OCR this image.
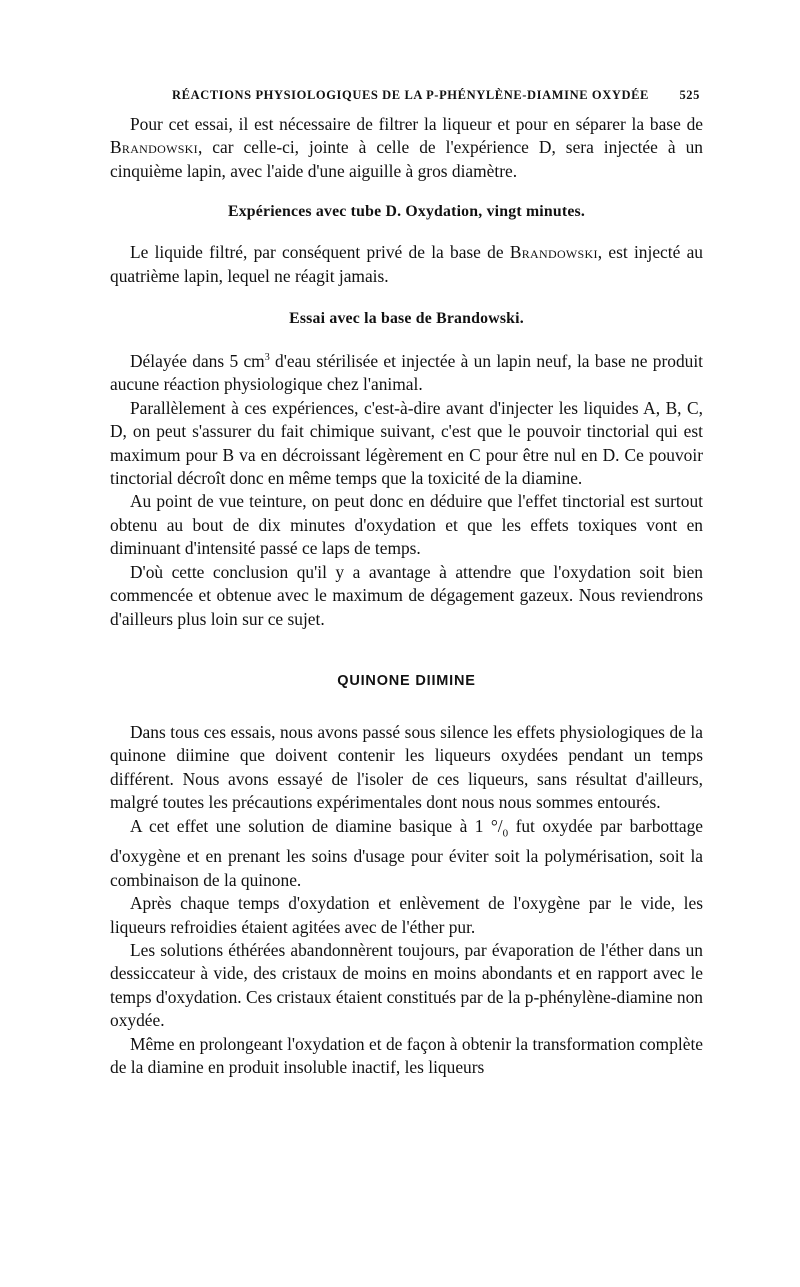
RÉACTIONS PHYSIOLOGIQUES DE LA P-PHÉNYLÈNE-DIAMINE OXYDÉE 525

Pour cet essai, il est nécessaire de filtrer la liqueur et pour en séparer la base de Brandowski, car celle-ci, jointe à celle de l'expérience D, sera injectée à un cinquième lapin, avec l'aide d'une aiguille à gros diamètre.

Expériences avec tube D. Oxydation, vingt minutes.

Le liquide filtré, par conséquent privé de la base de Brandowski, est injecté au quatrième lapin, lequel ne réagit jamais.

Essai avec la base de Brandowski.

Délayée dans 5 $cm^3$ d'eau stérilisée et injectée à un lapin neuf, la base ne produit aucune réaction physiologique chez l'animal.

Parallèlement à ces expériences, c'est-à-dire avant d'injecter les liquides A, B, C, D, on peut s'assurer du fait chimique suivant, c'est que le pouvoir tinctorial qui est maximum pour B va en décroissant légèrement en C pour être nul en D. Ce pouvoir tinctorial décroît donc en même temps que la toxicité de la diamine.

Au point de vue teinture, on peut donc en déduire que l'effet tinctorial est surtout obtenu au bout de dix minutes d'oxydation et que les effets toxiques vont en diminuant d'intensité passé ce laps de temps.

D'où cette conclusion qu'il y a avantage à attendre que l'oxydation soit bien commencée et obtenue avec le maximum de dégagement gazeux. Nous reviendrons d'ailleurs plus loin sur ce sujet.

QUINONE DIIMINE

Dans tous ces essais, nous avons passé sous silence les effets physiologiques de la quinone diimine que doivent contenir les liqueurs oxydées pendant un temps différent. Nous avons essayé de l'isoler de ces liqueurs, sans résultat d'ailleurs, malgré toutes les précautions expérimentales dont nous nous sommes entourés.

A cet effet une solution de diamine basique à 1 $^\circ/_0$ fut oxydée par barbottage d'oxygène et en prenant les soins d'usage pour éviter soit la polymérisation, soit la combinaison de la quinone.

Après chaque temps d'oxydation et enlèvement de l'oxygène par le vide, les liqueurs refroidies étaient agitées avec de l'éther pur.

Les solutions éthérées abandonnèrent toujours, par évaporation de l'éther dans un dessiccateur à vide, des cristaux de moins en moins abondants et en rapport avec le temps d'oxydation. Ces cristaux étaient constitués par de la p-phénylène-diamine non oxydée.

Même en prolongeant l'oxydation et de façon à obtenir la transformation complète de la diamine en produit insoluble inactif, les liqueurs
